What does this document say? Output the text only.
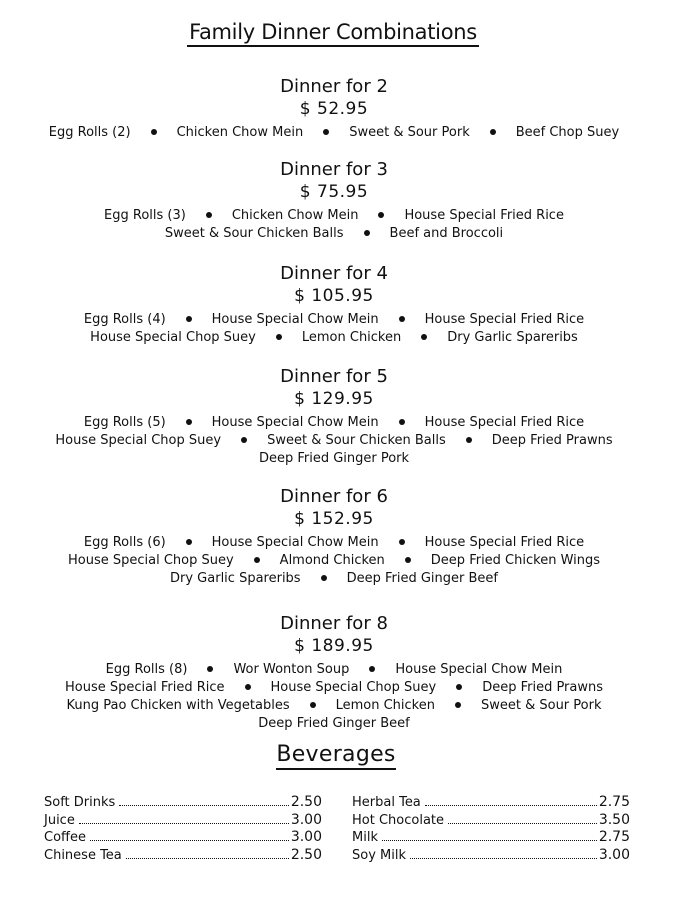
Family Dinner Combinations
Dinner for 2
$ 52.95
Egg Rolls (2)	Chicken Chow Mein	Sweet & Sour Pork	Beef Chop Suey
Dinner for 3
$ 75.95
Egg Rolls (3)	Chicken Chow Mein	House Special Fried Rice
Sweet & Sour Chicken Balls	Beef and Broccoli
Dinner for 4
$ 105.95
Egg Rolls (4)	House Special Chow Mein	House Special Fried Rice
House Special Chop Suey	Lemon Chicken	Dry Garlic Spareribs
Dinner for 5
$ 129.95
Egg Rolls (5)	House Special Chow Mein	House Special Fried Rice
House Special Chop Suey	Sweet & Sour Chicken Balls	Deep Fried Prawns
Deep Fried Ginger Pork
Dinner for 6
$ 152.95
Egg Rolls (6)	House Special Chow Mein	House Special Fried Rice
House Special Chop Suey	Almond Chicken	Deep Fried Chicken Wings
Dry Garlic Spareribs	Deep Fried Ginger Beef
Dinner for 8
$ 189.95
Egg Rolls (8)	Wor Wonton Soup	House Special Chow Mein
House Special Fried Rice	House Special Chop Suey	Deep Fried Prawns
Kung Pao Chicken with Vegetables	Lemon Chicken	Sweet & Sour Pork
Deep Fried Ginger Beef
Beverages
Soft Drinks	2.50
Juice	3.00
Coffee	3.00
Chinese Tea	2.50
Herbal Tea	2.75
Hot Chocolate	3.50
Milk	2.75
Soy Milk	3.00
